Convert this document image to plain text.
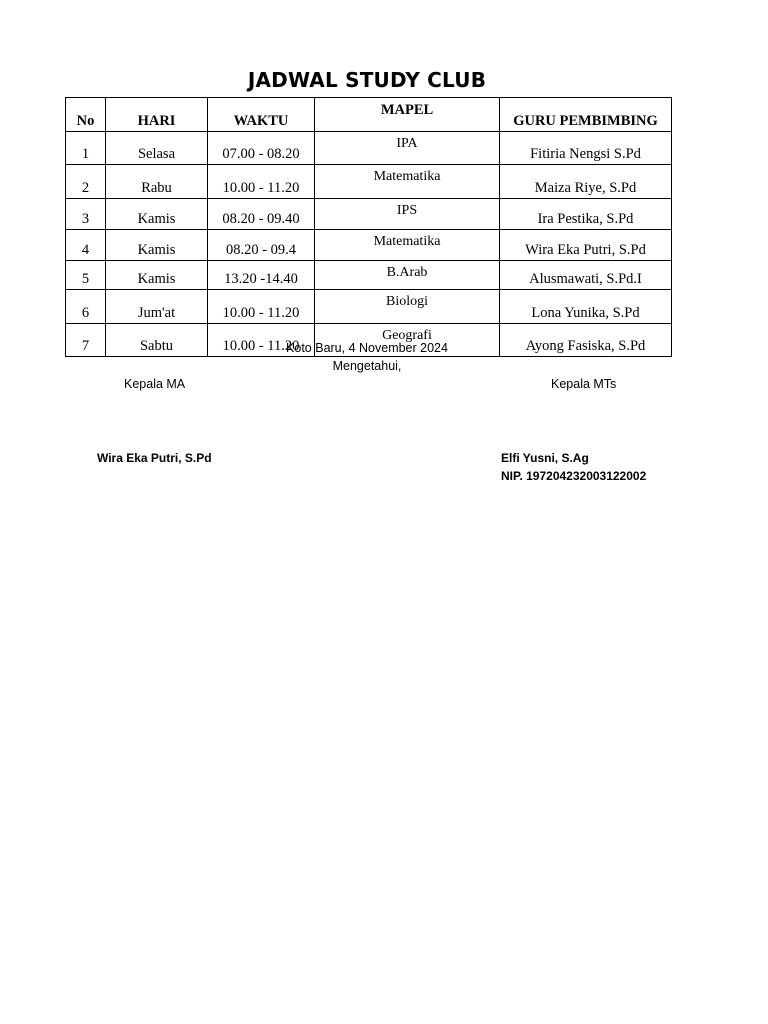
JADWAL STUDY CLUB
No	HARI	WAKTU	MAPEL	GURU PEMBIMBING
1	Selasa	07.00 - 08.20	IPA	Fitiria Nengsi S.Pd
2	Rabu	10.00 - 11.20	Matematika	Maiza Riye, S.Pd
3	Kamis	08.20 - 09.40	IPS	Ira Pestika, S.Pd
4	Kamis	08.20 - 09.4	Matematika	Wira Eka Putri, S.Pd
5	Kamis	13.20 -14.40	B.Arab	Alusmawati, S.Pd.I
6	Jum'at	10.00 - 11.20	Biologi	Lona Yunika, S.Pd
7	Sabtu	10.00 - 11.20	Geografi	Ayong Fasiska, S.Pd
Koto Baru, 4 November 2024
Mengetahui,
Kepala MA	Kepala MTs
Wira Eka Putri, S.Pd	Elfi Yusni, S.Ag
NIP. 197204232003122002
